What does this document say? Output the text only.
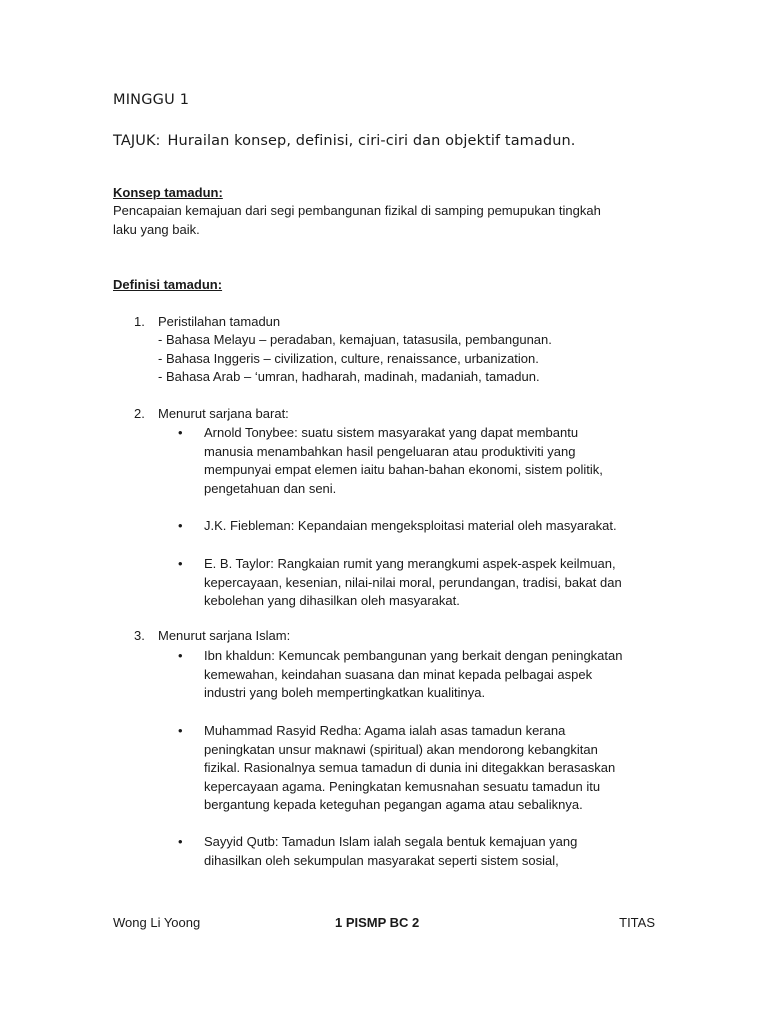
MINGGU 1
TAJUK: Hurailan konsep, definisi, ciri-ciri dan objektif tamadun.
Konsep tamadun:
Pencapaian kemajuan dari segi pembangunan fizikal di samping pemupukan tingkah
laku yang baik.
Definisi tamadun:
1.	Peristilahan tamadun
- Bahasa Melayu – peradaban, kemajuan, tatasusila, pembangunan.
- Bahasa Inggeris – civilization, culture, renaissance, urbanization.
- Bahasa Arab – ‘umran, hadharah, madinah, madaniah, tamadun.
2.	Menurut sarjana barat:
•	Arnold Tonybee: suatu sistem masyarakat yang dapat membantu
manusia menambahkan hasil pengeluaran atau produktiviti yang
mempunyai empat elemen iaitu bahan-bahan ekonomi, sistem politik,
pengetahuan dan seni.
•	J.K. Fiebleman: Kepandaian mengeksploitasi material oleh masyarakat.
•	E. B. Taylor: Rangkaian rumit yang merangkumi aspek-aspek keilmuan,
kepercayaan, kesenian, nilai-nilai moral, perundangan, tradisi, bakat dan
kebolehan yang dihasilkan oleh masyarakat.
3.	Menurut sarjana Islam:
•	Ibn khaldun: Kemuncak pembangunan yang berkait dengan peningkatan
kemewahan, keindahan suasana dan minat kepada pelbagai aspek
industri yang boleh mempertingkatkan kualitinya.
•	Muhammad Rasyid Redha: Agama ialah asas tamadun kerana
peningkatan unsur maknawi (spiritual) akan mendorong kebangkitan
fizikal. Rasionalnya semua tamadun di dunia ini ditegakkan berasaskan
kepercayaan agama. Peningkatan kemusnahan sesuatu tamadun itu
bergantung kepada keteguhan pegangan agama atau sebaliknya.
•	Sayyid Qutb: Tamadun Islam ialah segala bentuk kemajuan yang
dihasilkan oleh sekumpulan masyarakat seperti sistem sosial,
Wong Li Yoong	1 PISMP BC 2	TITAS
